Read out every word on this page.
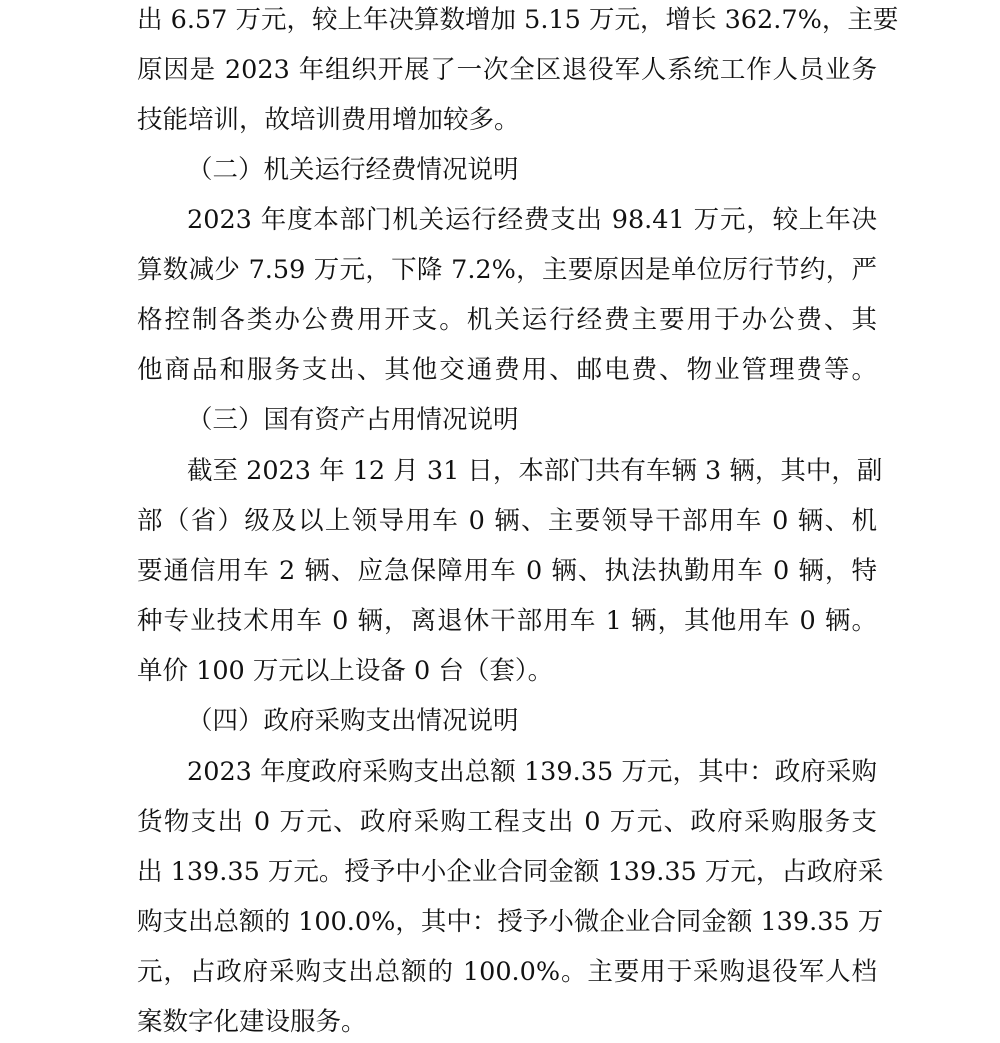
出 6.57 万元，较上年决算数增加 5.15 万元，增长 362.7%，主要
原因是 2023 年组织开展了一次全区退役军人系统工作人员业务
技能培训，故培训费用增加较多。
（二）机关运行经费情况说明
2023 年度本部门机关运行经费支出 98.41 万元，较上年决
算数减少 7.59 万元，下降 7.2%，主要原因是单位厉行节约，严
格控制各类办公费用开支。机关运行经费主要用于办公费、其
他商品和服务支出、其他交通费用、邮电费、物业管理费等。
（三）国有资产占用情况说明
截至 2023 年 12 月 31 日，本部门共有车辆 3 辆，其中，副
部（省）级及以上领导用车 0 辆、主要领导干部用车 0 辆、机
要通信用车 2 辆、应急保障用车 0 辆、执法执勤用车 0 辆，特
种专业技术用车 0 辆，离退休干部用车 1 辆，其他用车 0 辆。
单价 100 万元以上设备 0 台（套）。
（四）政府采购支出情况说明
2023 年度政府采购支出总额 139.35 万元，其中：政府采购
货物支出 0 万元、政府采购工程支出 0 万元、政府采购服务支
出 139.35 万元。授予中小企业合同金额 139.35 万元，占政府采
购支出总额的 100.0%，其中：授予小微企业合同金额 139.35 万
元，占政府采购支出总额的 100.0%。主要用于采购退役军人档
案数字化建设服务。
